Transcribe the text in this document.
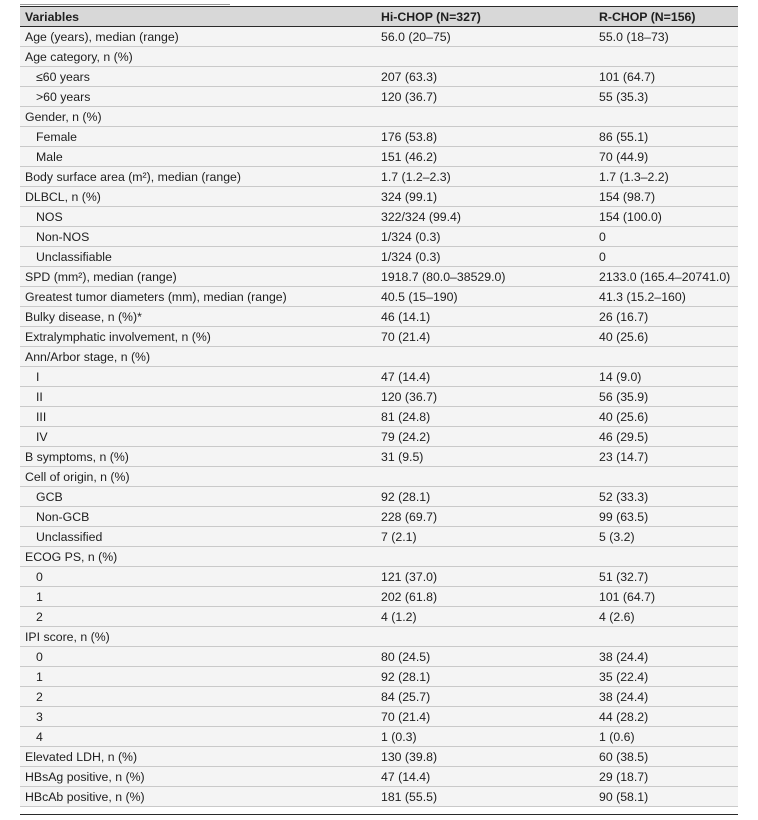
Variables	Hi-CHOP (N=327)	R-CHOP (N=156)
Age (years), median (range)	56.0 (20–75)	55.0 (18–73)
Age category, n (%)		
≤60 years	207 (63.3)	101 (64.7)
>60 years	120 (36.7)	55 (35.3)
Gender, n (%)		
Female	176 (53.8)	86 (55.1)
Male	151 (46.2)	70 (44.9)
Body surface area (m²), median (range)	1.7 (1.2–2.3)	1.7 (1.3–2.2)
DLBCL, n (%)	324 (99.1)	154 (98.7)
NOS	322/324 (99.4)	154 (100.0)
Non-NOS	1/324 (0.3)	0
Unclassifiable	1/324 (0.3)	0
SPD (mm²), median (range)	1918.7 (80.0–38529.0)	2133.0 (165.4–20741.0)
Greatest tumor diameters (mm), median (range)	40.5 (15–190)	41.3 (15.2–160)
Bulky disease, n (%)*	46 (14.1)	26 (16.7)
Extralymphatic involvement, n (%)	70 (21.4)	40 (25.6)
Ann/Arbor stage, n (%)		
I	47 (14.4)	14 (9.0)
II	120 (36.7)	56 (35.9)
III	81 (24.8)	40 (25.6)
IV	79 (24.2)	46 (29.5)
B symptoms, n (%)	31 (9.5)	23 (14.7)
Cell of origin, n (%)		
GCB	92 (28.1)	52 (33.3)
Non-GCB	228 (69.7)	99 (63.5)
Unclassified	7 (2.1)	5 (3.2)
ECOG PS, n (%)		
0	121 (37.0)	51 (32.7)
1	202 (61.8)	101 (64.7)
2	4 (1.2)	4 (2.6)
IPI score, n (%)		
0	80 (24.5)	38 (24.4)
1	92 (28.1)	35 (22.4)
2	84 (25.7)	38 (24.4)
3	70 (21.4)	44 (28.2)
4	1 (0.3)	1 (0.6)
Elevated LDH, n (%)	130 (39.8)	60 (38.5)
HBsAg positive, n (%)	47 (14.4)	29 (18.7)
HBcAb positive, n (%)	181 (55.5)	90 (58.1)
